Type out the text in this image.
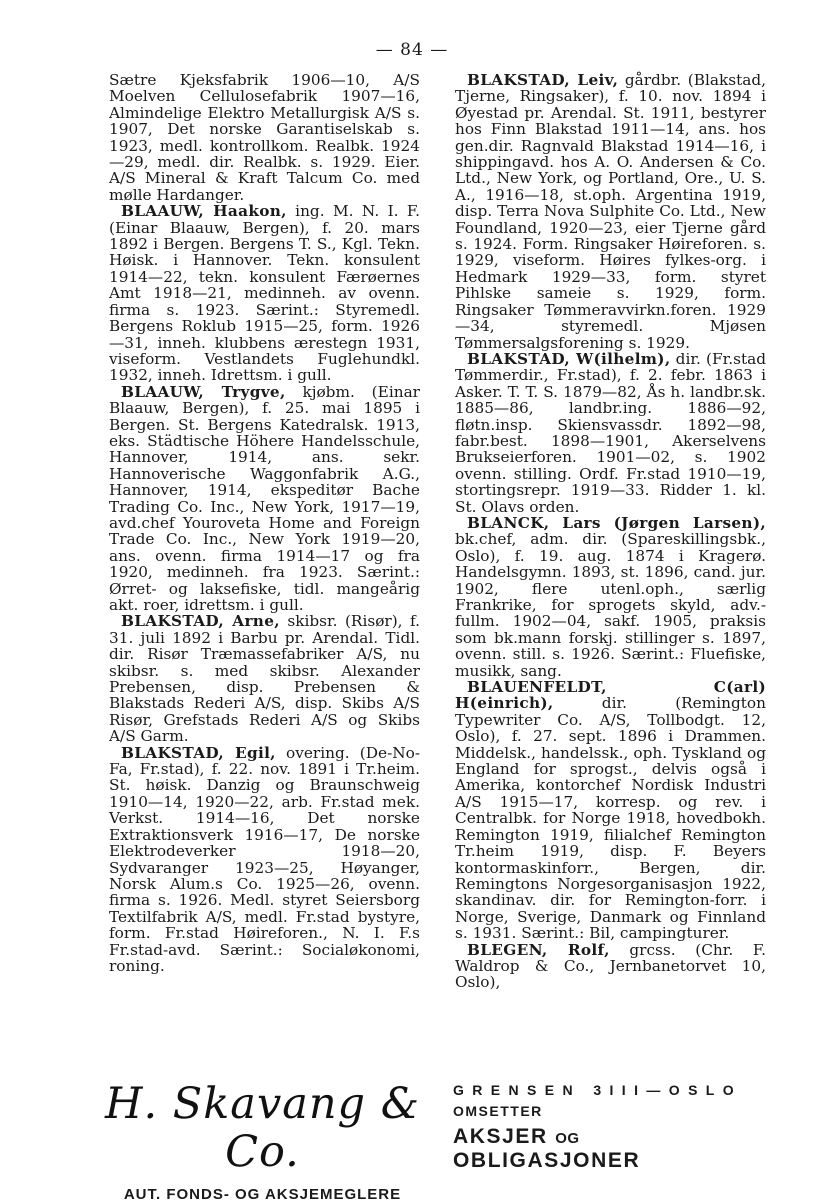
— 84 —

Sætre Kjeksfabrik 1906—10, A/S Moelven Cellulosefabrik 1907—16, Almindelige Elektro Metallurgisk A/S s. 1907, Det norske Garantiselskab s. 1923, medl. kontrollkom. Realbk. 1924—29, medl. dir. Realbk. s. 1929. Eier. A/S Mineral & Kraft Talcum Co. med mølle Hardanger.

BLAAUW, Haakon, ing. M. N. I. F. (Einar Blaauw, Bergen), f. 20. mars 1892 i Bergen. Bergens T. S., Kgl. Tekn. Høisk. i Hannover. Tekn. konsulent 1914—22, tekn. konsulent Færøernes Amt 1918—21, medinneh. av ovenn. firma s. 1923. Særint.: Styremedl. Bergens Roklub 1915—25, form. 1926—31, inneh. klubbens ærestegn 1931, viseform. Vestlandets Fuglehundkl. 1932, inneh. Idrettsm. i gull.

BLAAUW, Trygve, kjøbm. (Einar Blaauw, Bergen), f. 25. mai 1895 i Bergen. St. Bergens Katedralsk. 1913, eks. Städtische Höhere Handelsschule, Hannover, 1914, ans. sekr. Hannoverische Waggonfabrik A.G., Hannover, 1914, ekspeditør Bache Trading Co. Inc., New York, 1917—19, avd.chef Youroveta Home and Foreign Trade Co. Inc., New York 1919—20, ans. ovenn. firma 1914—17 og fra 1920, medinneh. fra 1923. Særint.: Ørret- og laksefiske, tidl. mangeårig akt. roer, idrettsm. i gull.

BLAKSTAD, Arne, skibsr. (Risør), f. 31. juli 1892 i Barbu pr. Arendal. Tidl. dir. Risør Træmassefabriker A/S, nu skibsr. s. med skibsr. Alexander Prebensen, disp. Prebensen & Blakstads Rederi A/S, disp. Skibs A/S Risør, Grefstads Rederi A/S og Skibs A/S Garm.

BLAKSTAD, Egil, overing. (De-No-Fa, Fr.stad), f. 22. nov. 1891 i Tr.heim. St. høisk. Danzig og Braunschweig 1910—14, 1920—22, arb. Fr.stad mek. Verkst. 1914—16, Det norske Extraktionsverk 1916—17, De norske Elektrodeverker 1918—20, Sydvaranger 1923—25, Høyanger, Norsk Alum.s Co. 1925—26, ovenn. firma s. 1926. Medl. styret Seiersborg Textilfabrik A/S, medl. Fr.stad bystyre, form. Fr.stad Høireforen., N. I. F.s Fr.stad-avd. Særint.: Socialøkonomi, roning.

BLAKSTAD, Leiv, gårdbr. (Blakstad, Tjerne, Ringsaker), f. 10. nov. 1894 i Øyestad pr. Arendal. St. 1911, bestyrer hos Finn Blakstad 1911—14, ans. hos gen.dir. Ragnvald Blakstad 1914—16, i shippingavd. hos A. O. Andersen & Co. Ltd., New York, og Portland, Ore., U. S. A., 1916—18, st.oph. Argentina 1919, disp. Terra Nova Sulphite Co. Ltd., New Foundland, 1920—23, eier Tjerne gård s. 1924. Form. Ringsaker Høireforen. s. 1929, viseform. Høires fylkes-org. i Hedmark 1929—33, form. styret Pihlske sameie s. 1929, form. Ringsaker Tømmeravvirkn.foren. 1929—34, styremedl. Mjøsen Tømmersalgsforening s. 1929.

BLAKSTAD, W(ilhelm), dir. (Fr.stad Tømmerdir., Fr.stad), f. 2. febr. 1863 i Asker. T. T. S. 1879—82, Ås h. landbr.sk. 1885—86, landbr.ing. 1886—92, fløtn.insp. Skiensvassdr. 1892—98, fabr.best. 1898—1901, Akerselvens Brukseierforen. 1901—02, s. 1902 ovenn. stilling. Ordf. Fr.stad 1910—19, stortingsrepr. 1919—33. Ridder 1. kl. St. Olavs orden.

BLANCK, Lars (Jørgen Larsen), bk.chef, adm. dir. (Spareskillingsbk., Oslo), f. 19. aug. 1874 i Kragerø. Handelsgymn. 1893, st. 1896, cand. jur. 1902, flere utenl.oph., særlig Frankrike, for sprogets skyld, adv.-fullm. 1902—04, sakf. 1905, praksis som bk.mann forskj. stillinger s. 1897, ovenn. still. s. 1926. Særint.: Fluefiske, musikk, sang.

BLAUENFELDT, C(arl) H(einrich), dir. (Remington Typewriter Co. A/S, Tollbodgt. 12, Oslo), f. 27. sept. 1896 i Drammen. Middelsk., handelssk., oph. Tyskland og England for sprogst., delvis også i Amerika, kontorchef Nordisk Industri A/S 1915—17, korresp. og rev. i Centralbk. for Norge 1918, hovedbokh. Remington 1919, filialchef Remington Tr.heim 1919, disp. F. Beyers kontormaskinforr., Bergen, dir. Remingtons Norgesorganisasjon 1922, skandinav. dir. for Remington-forr. i Norge, Sverige, Danmark og Finnland s. 1931. Særint.: Bil, campingturer.

BLEGEN, Rolf, grcss. (Chr. F. Waldrop & Co., Jernbanetorvet 10, Oslo),

H. Skavang & Co.
AUT. FONDS- OG AKSJEMEGLERE
GRENSEN 3III—OSLO
OMSETTER
AKSJER OG OBLIGASJONER
